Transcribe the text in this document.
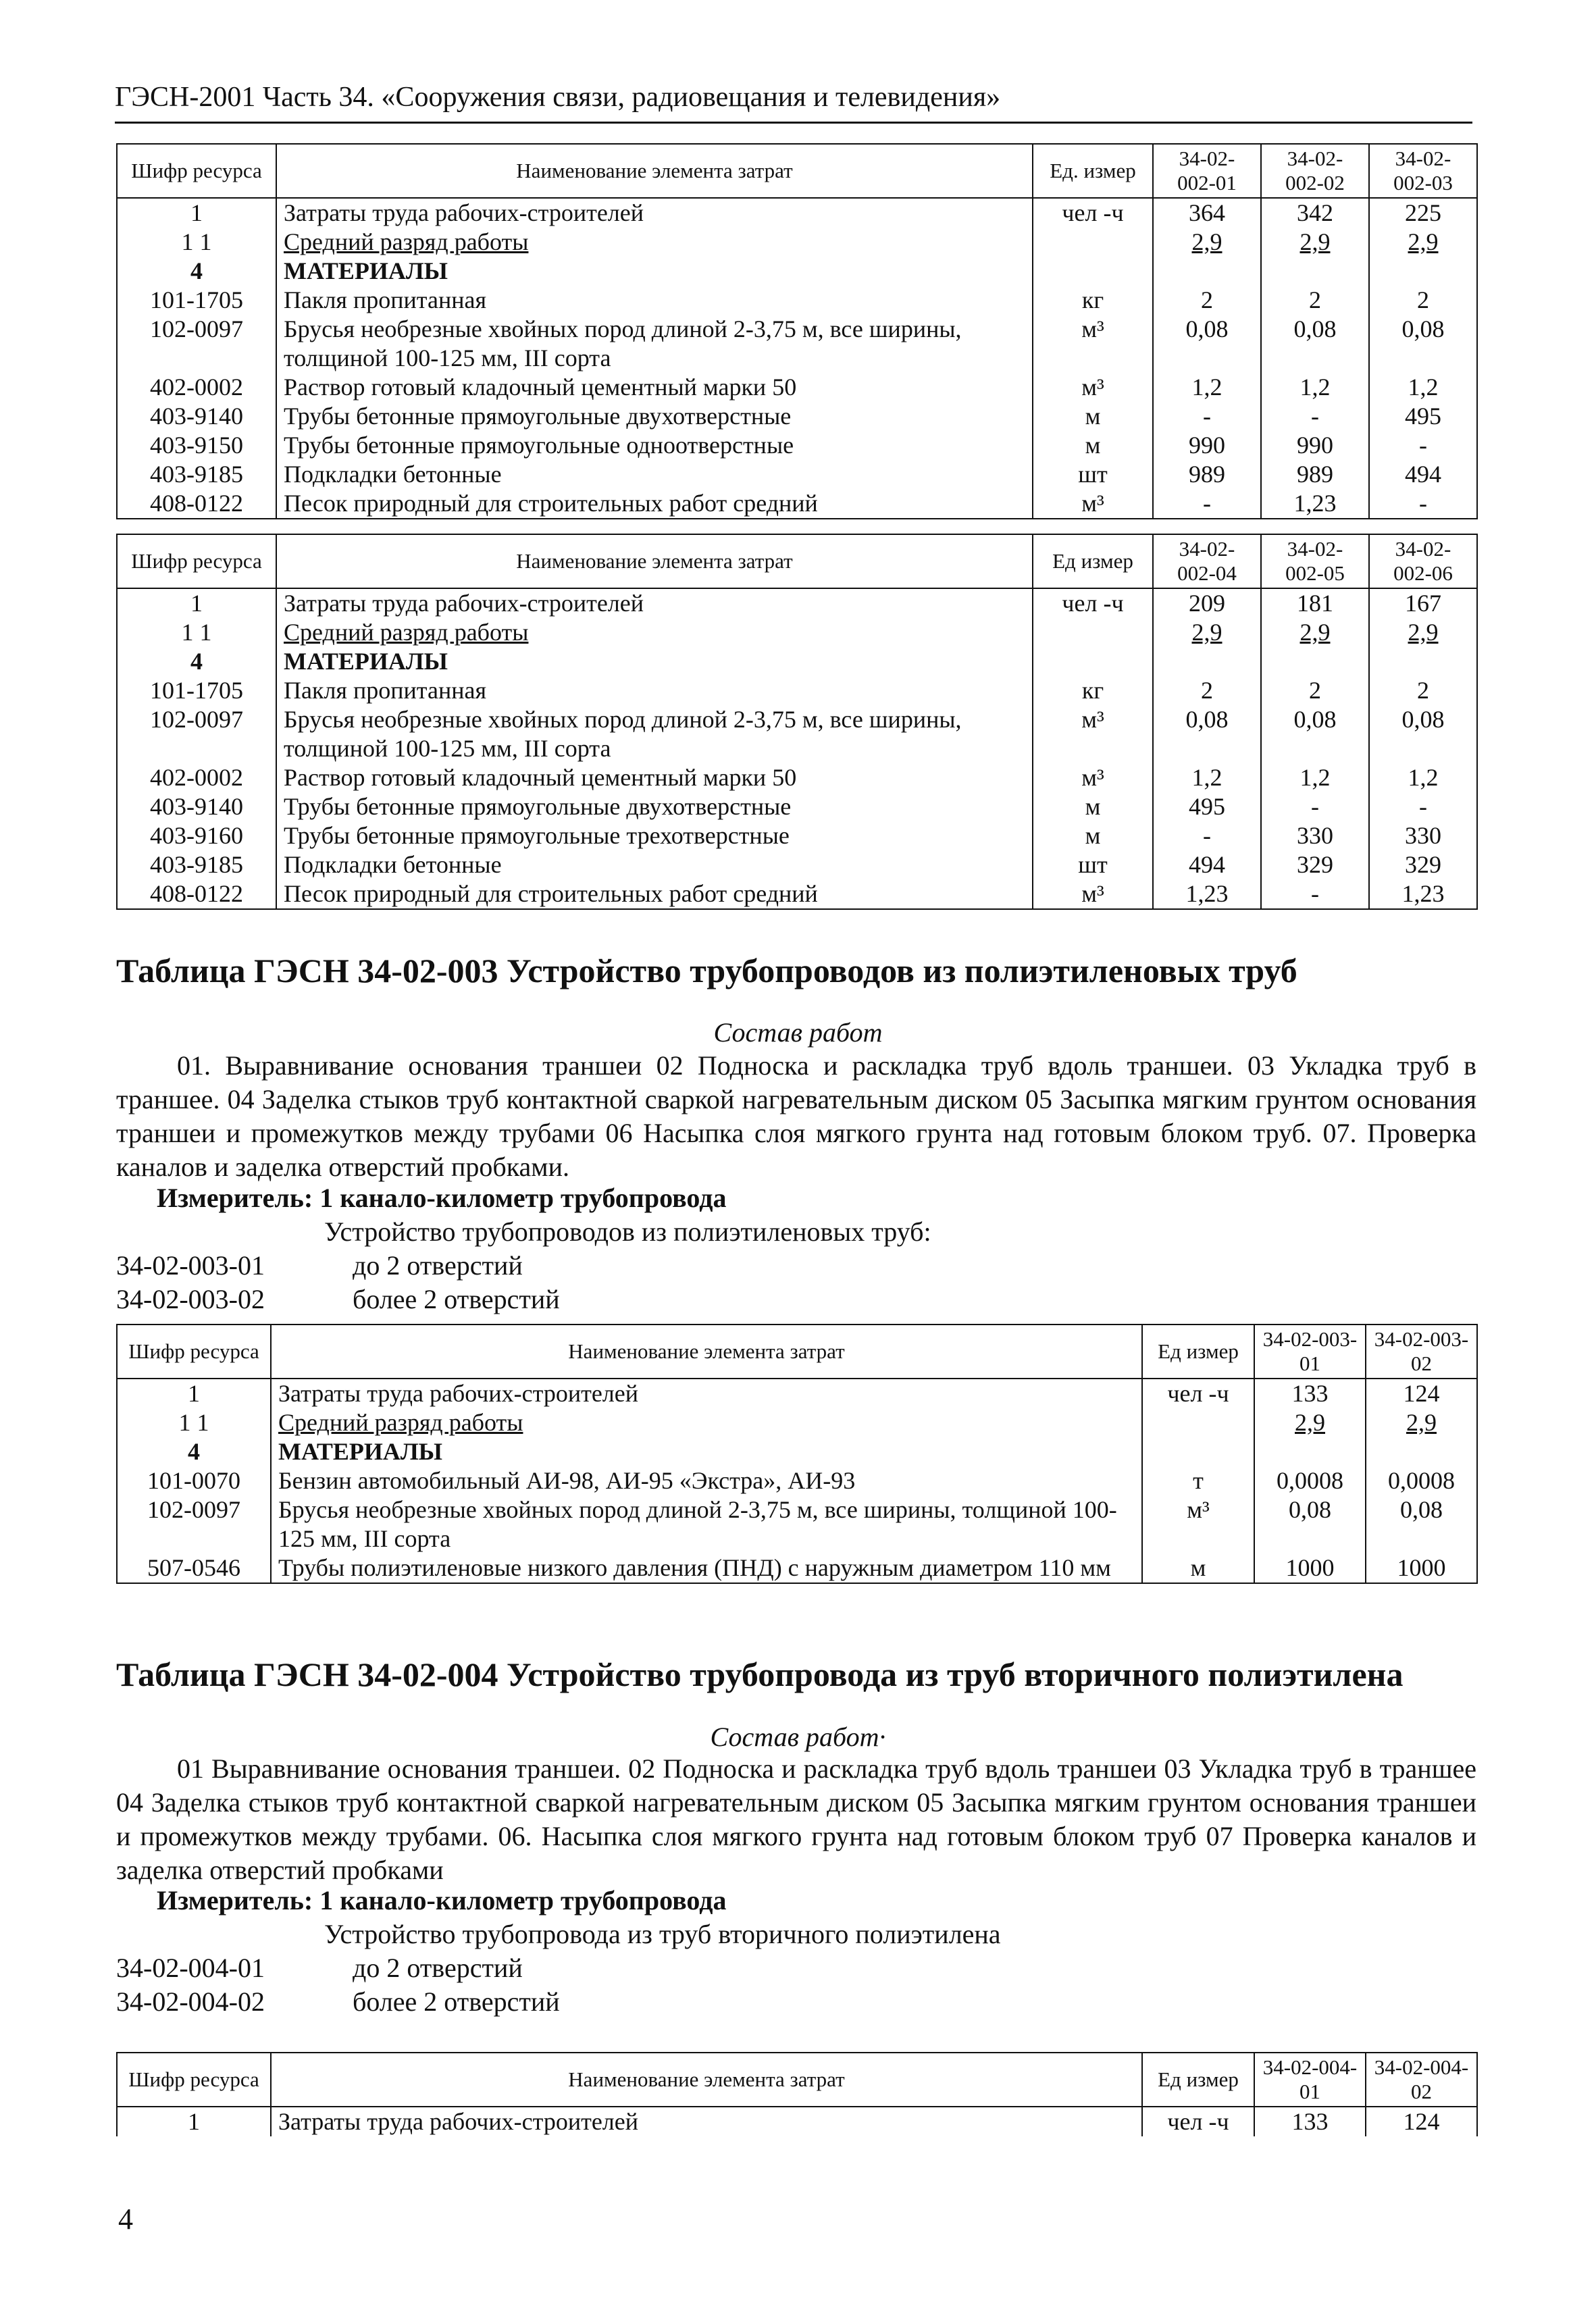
ГЭСН-2001 Часть 34. «Сооружения связи, радиовещания и телевидения»
Шифр ресурса	Наименование элемента затрат	Ед. измер	34-02-002-01	34-02-002-02	34-02-002-03
1	Затраты труда рабочих-строителей	чел -ч	364	342	225
1 1	Средний разряд работы		2,9	2,9	2,9
4	МАТЕРИАЛЫ				
101-1705	Пакля пропитанная	кг	2	2	2
102-0097	Брусья необрезные хвойных пород длиной 2-3,75 м, все ширины, толщиной 100-125 мм, III сорта	м³	0,08	0,08	0,08
402-0002	Раствор готовый кладочный цементный марки 50	м³	1,2	1,2	1,2
403-9140	Трубы бетонные прямоугольные двухотверстные	м	-	-	495
403-9150	Трубы бетонные прямоугольные одноотверстные	м	990	990	-
403-9185	Подкладки бетонные	шт	989	989	494
408-0122	Песок природный для строительных работ средний	м³	-	1,23	-
Шифр ресурса	Наименование элемента затрат	Ед измер	34-02-002-04	34-02-002-05	34-02-002-06
1	Затраты труда рабочих-строителей	чел -ч	209	181	167
1 1	Средний разряд работы		2,9	2,9	2,9
4	МАТЕРИАЛЫ				
101-1705	Пакля пропитанная	кг	2	2	2
102-0097	Брусья необрезные хвойных пород длиной 2-3,75 м, все ширины, толщиной 100-125 мм, III сорта	м³	0,08	0,08	0,08
402-0002	Раствор готовый кладочный цементный марки 50	м³	1,2	1,2	1,2
403-9140	Трубы бетонные прямоугольные двухотверстные	м	495	-	-
403-9160	Трубы бетонные прямоугольные трехотверстные	м	-	330	330
403-9185	Подкладки бетонные	шт	494	329	329
408-0122	Песок природный для строительных работ средний	м³	1,23	-	1,23
Таблица ГЭСН 34-02-003 Устройство трубопроводов из полиэтиленовых труб
Состав работ
01. Выравнивание основания траншеи 02 Подноска и раскладка труб вдоль траншеи. 03 Укладка труб в траншее. 04 Заделка стыков труб контактной сваркой нагревательным диском 05 Засыпка мягким грунтом основания траншеи и промежутков между трубами 06 Насыпка слоя мягкого грунта над готовым блоком труб. 07. Проверка каналов и заделка отверстий пробками.
Измеритель: 1 канало-километр трубопровода
Устройство трубопроводов из полиэтиленовых труб:
34-02-003-01	до 2 отверстий
34-02-003-02	более 2 отверстий
Шифр ресурса	Наименование элемента затрат	Ед измер	34-02-003-01	34-02-003-02
1	Затраты труда рабочих-строителей	чел -ч	133	124
1 1	Средний разряд работы		2,9	2,9
4	МАТЕРИАЛЫ			
101-0070	Бензин автомобильный АИ-98, АИ-95 «Экстра», АИ-93	т	0,0008	0,0008
102-0097	Брусья необрезные хвойных пород длиной 2-3,75 м, все ширины, толщиной 100-125 мм, III сорта	м³	0,08	0,08
507-0546	Трубы полиэтиленовые низкого давления (ПНД) с наружным диаметром 110 мм	м	1000	1000
Таблица ГЭСН 34-02-004 Устройство трубопровода из труб вторичного полиэтилена
Состав работ·
01 Выравнивание основания траншеи. 02 Подноска и раскладка труб вдоль траншеи 03 Укладка труб в траншее 04 Заделка стыков труб контактной сваркой нагревательным диском 05 Засыпка мягким грунтом основания траншеи и промежутков между трубами. 06. Насыпка слоя мягкого грунта над готовым блоком труб 07 Проверка каналов и заделка отверстий пробками
Измеритель: 1 канало-километр трубопровода
Устройство трубопровода из труб вторичного полиэтилена
34-02-004-01	до 2 отверстий
34-02-004-02	более 2 отверстий
Шифр ресурса	Наименование элемента затрат	Ед измер	34-02-004-01	34-02-004-02
1	Затраты труда рабочих-строителей	чел -ч	133	124
4
